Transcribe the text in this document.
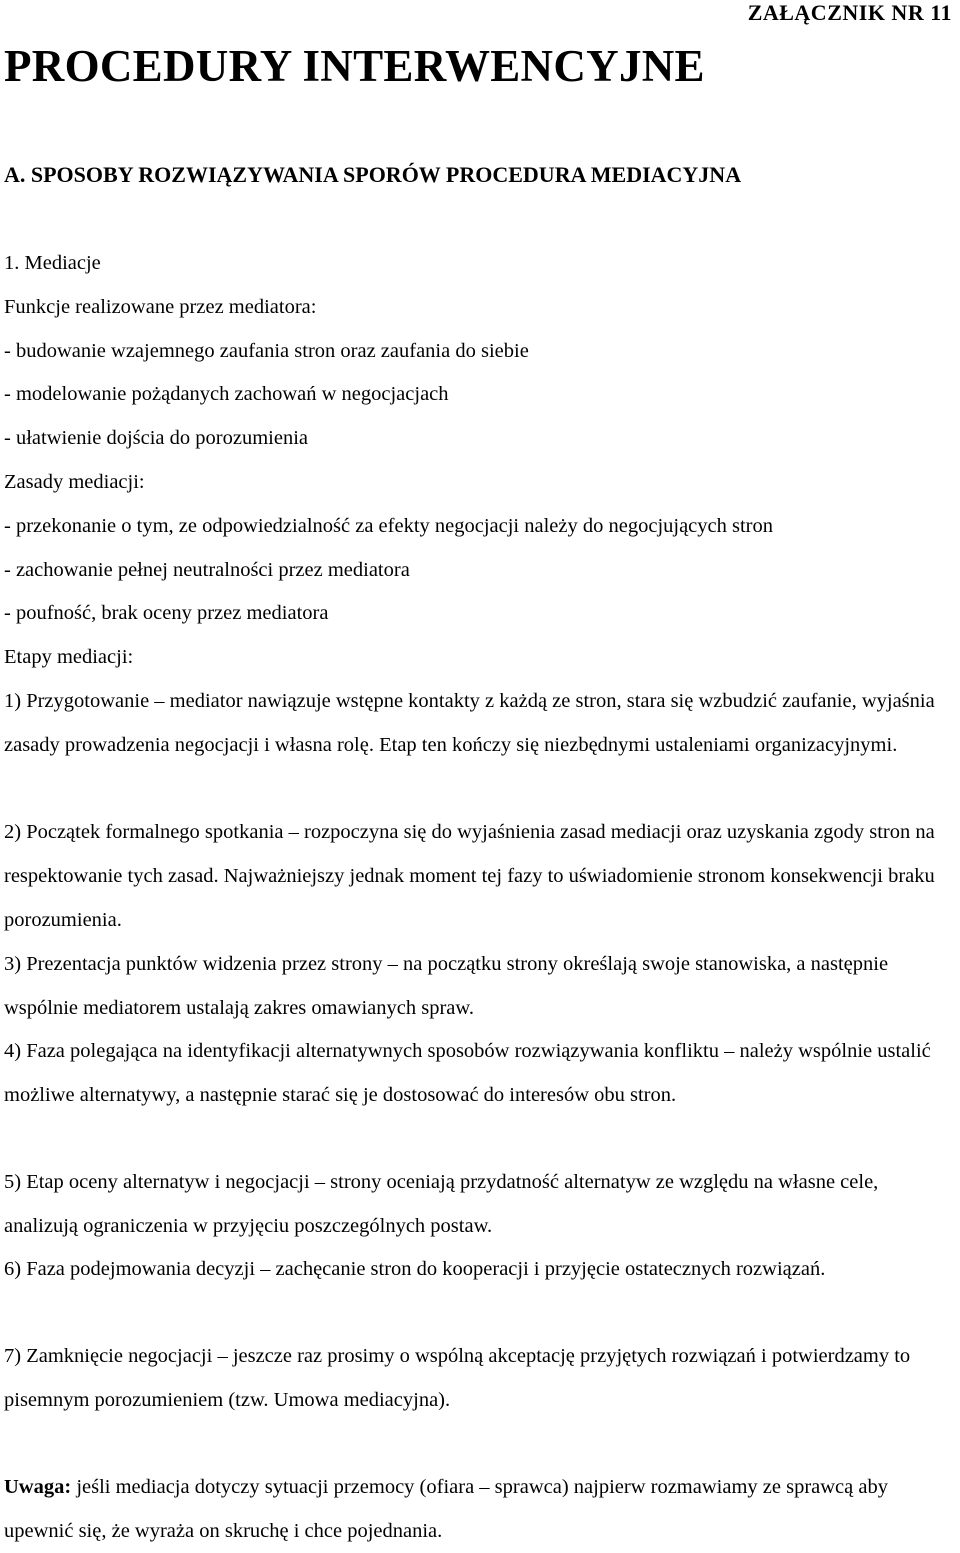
ZAŁĄCZNIK NR 11
PROCEDURY INTERWENCYJNE
A. SPOSOBY ROZWIĄZYWANIA SPORÓW PROCEDURA MEDIACYJNA

1. Mediacje

Funkcje realizowane przez mediatora:

- budowanie wzajemnego zaufania stron oraz zaufania do siebie

- modelowanie pożądanych zachowań w negocjacjach

- ułatwienie dojścia do porozumienia

Zasady mediacji:

- przekonanie o tym, ze odpowiedzialność za efekty negocjacji należy do negocjujących stron

- zachowanie pełnej neutralności przez mediatora

- poufność, brak oceny przez mediatora

Etapy mediacji:

1) Przygotowanie – mediator nawiązuje wstępne kontakty z każdą ze stron, stara się wzbudzić zaufanie, wyjaśnia zasady prowadzenia negocjacji i własna rolę. Etap ten kończy się niezbędnymi ustaleniami organizacyjnymi.

2) Początek formalnego spotkania – rozpoczyna się do wyjaśnienia zasad mediacji oraz uzyskania zgody stron na respektowanie tych zasad. Najważniejszy jednak moment tej fazy to uświadomienie stronom konsekwencji braku porozumienia.

3) Prezentacja punktów widzenia przez strony – na początku strony określają swoje stanowiska, a następnie wspólnie mediatorem ustalają zakres omawianych spraw.

4) Faza polegająca na identyfikacji alternatywnych sposobów rozwiązywania konfliktu – należy wspólnie ustalić możliwe alternatywy, a następnie starać się je dostosować do interesów obu stron.

5) Etap oceny alternatyw i negocjacji – strony oceniają przydatność alternatyw ze względu na własne cele, analizują ograniczenia w przyjęciu poszczególnych postaw.

6) Faza podejmowania decyzji – zachęcanie stron do kooperacji i przyjęcie ostatecznych rozwiązań.

7) Zamknięcie negocjacji – jeszcze raz prosimy o wspólną akceptację przyjętych rozwiązań i potwierdzamy to pisemnym porozumieniem (tzw. Umowa mediacyjna).

Uwaga: jeśli mediacja dotyczy sytuacji przemocy (ofiara – sprawca) najpierw rozmawiamy ze sprawcą aby upewnić się, że wyraża on skruchę i chce pojednania.
